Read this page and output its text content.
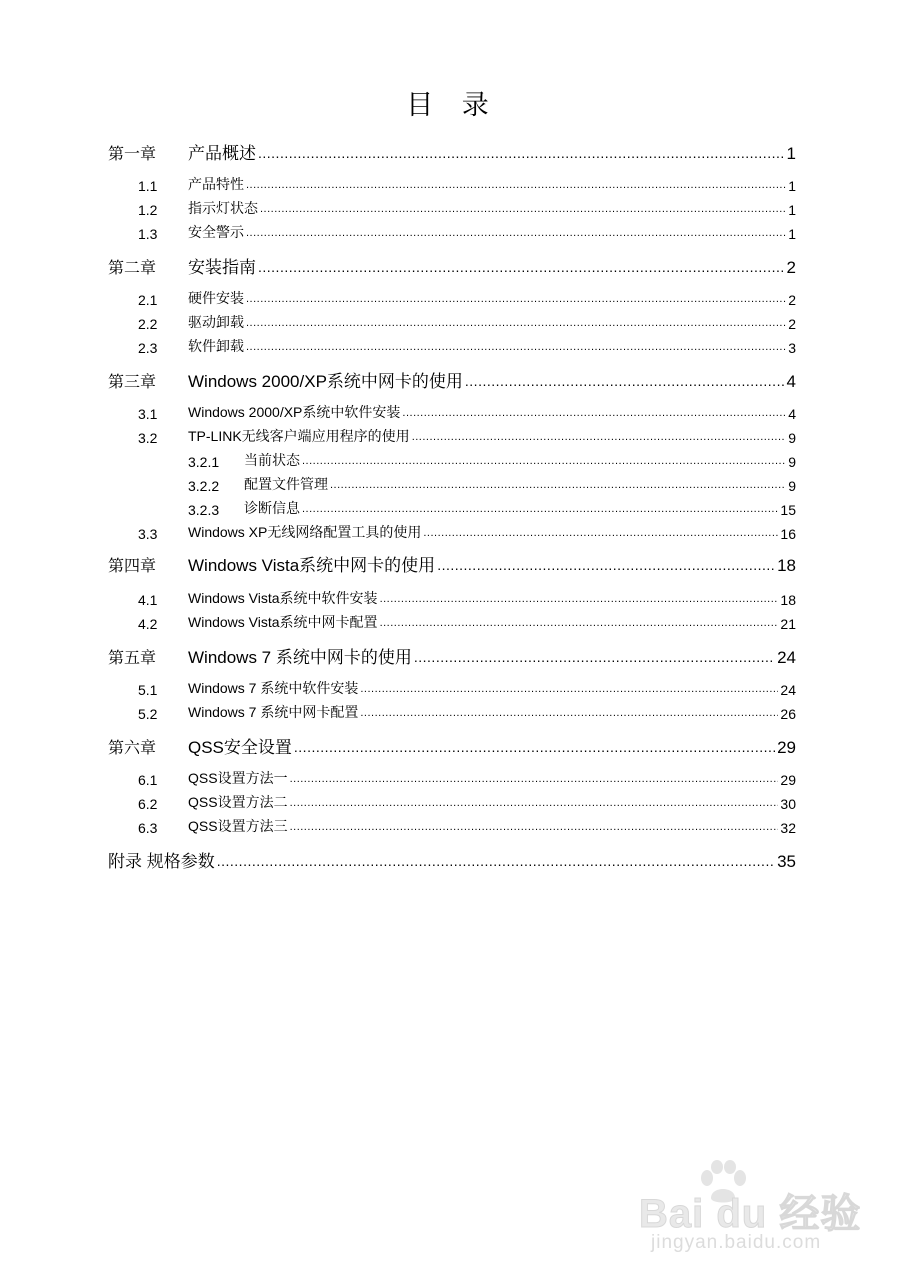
目 录
第一章	产品概述 .....	1
1.1	产品特性 .....	1
1.2	指示灯状态 .....	1
1.3	安全警示 .....	1
第二章	安装指南 .....	2
2.1	硬件安装 .....	2
2.2	驱动卸载 .....	2
2.3	软件卸载 .....	3
第三章	Windows 2000/XP系统中网卡的使用 .....	4
3.1	Windows 2000/XP系统中软件安装 .....	4
3.2	TP-LINK无线客户端应用程序的使用 .....	9
3.2.1	当前状态 .....	9
3.2.2	配置文件管理 .....	9
3.2.3	诊断信息 .....	15
3.3	Windows XP无线网络配置工具的使用 .....	16
第四章	Windows Vista系统中网卡的使用 .....	18
4.1	Windows Vista系统中软件安装 .....	18
4.2	Windows Vista系统中网卡配置 .....	21
第五章	Windows 7 系统中网卡的使用 .....	24
5.1	Windows 7 系统中软件安装 .....	24
5.2	Windows 7 系统中网卡配置 .....	26
第六章	QSS安全设置 .....	29
6.1	QSS设置方法一 .....	29
6.2	QSS设置方法二 .....	30
6.3	QSS设置方法三 .....	32
附录 规格参数 .....	35
Bai du 经验
jingyan.baidu.com
